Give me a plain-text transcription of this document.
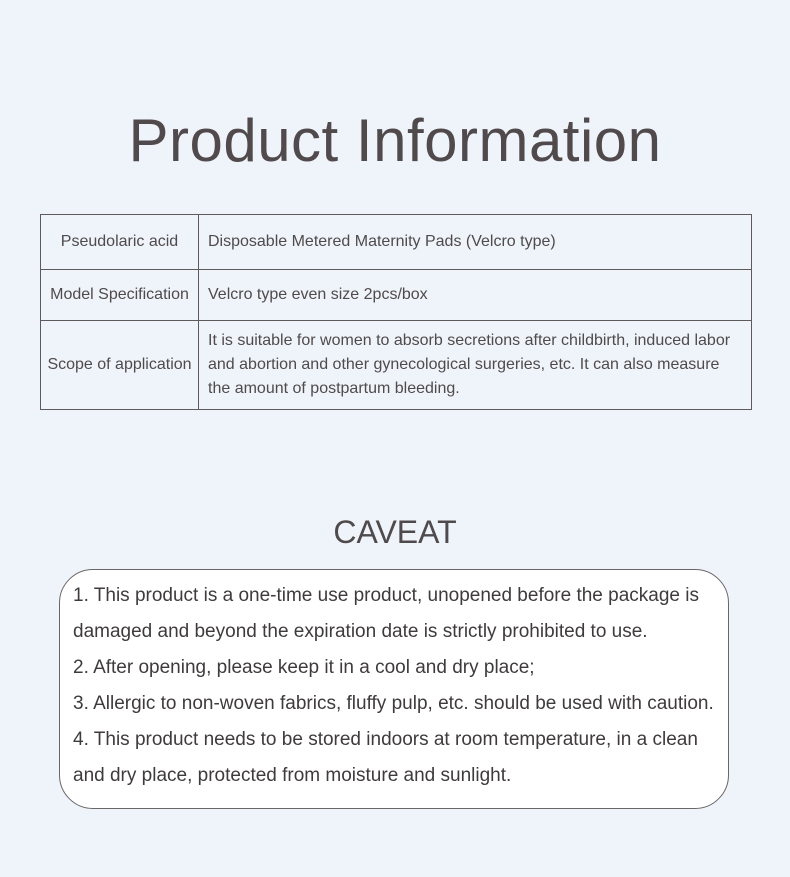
Product Information
Pseudolaric acid	Disposable Metered Maternity Pads (Velcro type)
Model Specification	Velcro type even size 2pcs/box
Scope of application	It is suitable for women to absorb secretions after childbirth, induced labor and abortion and other gynecological surgeries, etc. It can also measure the amount of postpartum bleeding.
CAVEAT

1. This product is a one-time use product, unopened before the package is damaged and beyond the expiration date is strictly prohibited to use.

2. After opening, please keep it in a cool and dry place;

3. Allergic to non-woven fabrics, fluffy pulp, etc. should be used with caution.

4. This product needs to be stored indoors at room temperature, in a clean and dry place, protected from moisture and sunlight.
